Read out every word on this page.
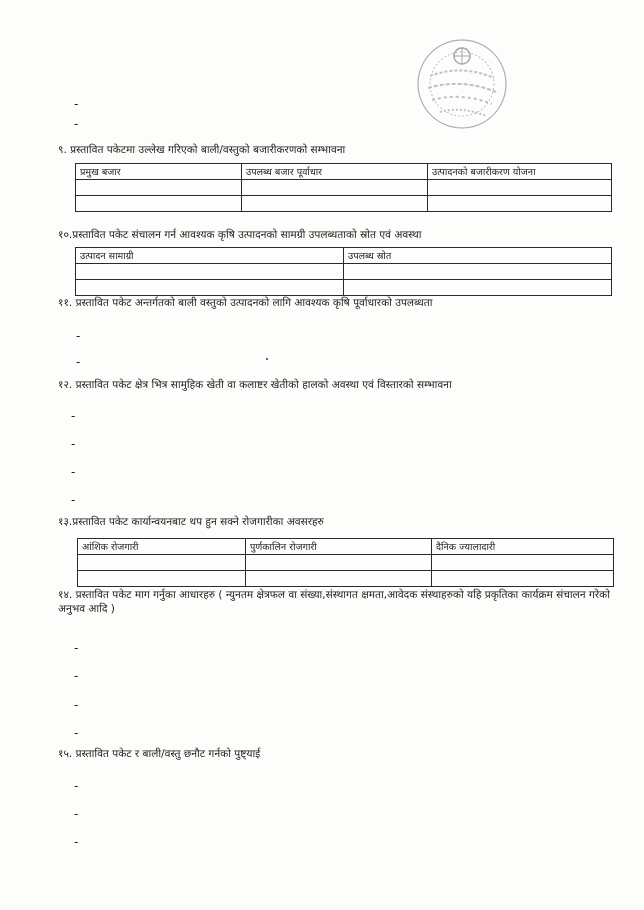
-
-
९. प्रस्तावित पकेटमा उल्लेख गरिएको बाली/वस्तुको बजारीकरणको सम्भावना
प्रमुख बजार	उपलब्ध बजार पूर्वाधार	उत्पादनको बजारीकरण योजना

१०.प्रस्तावित पकेट संचालन गर्न आवश्यक कृषि उत्पादनको सामग्री उपलब्धताको स्रोत एवं अवस्था
उत्पादन सामाग्री	उपलब्ध स्रोत

११. प्रस्तावित पकेट अन्तर्गतको बाली वस्तुको उत्पादनको लागि आवश्यक कृषि पूर्वाधारको उपलब्धता
-
-
१२. प्रस्तावित पकेट क्षेत्र भित्र सामुहिक खेती वा कलाष्टर खेतीको हालको अवस्था एवं विस्तारको सम्भावना
-
-
-
-
१३.प्रस्तावित पकेट कार्यान्वयनबाट थप हुन सक्ने रोजगारीका अवसरहरु
आंशिक रोजगारी	पुर्णकालिन रोजगारी	दैनिक ज्यालादारी

१४. प्रस्तावित पकेट माग गर्नुका आधारहरु ( न्युनतम क्षेत्रफल वा संख्या,संस्थागत क्षमता,आवेदक संस्थाहरुको यहि प्रकृतिका कार्यक्रम संचालन गरेको अनुभव आदि )
-
-
-
-
१५. प्रस्तावित पकेट र बाली/वस्तु छनौट गर्नको पुष्ट्याई
-
-
-
